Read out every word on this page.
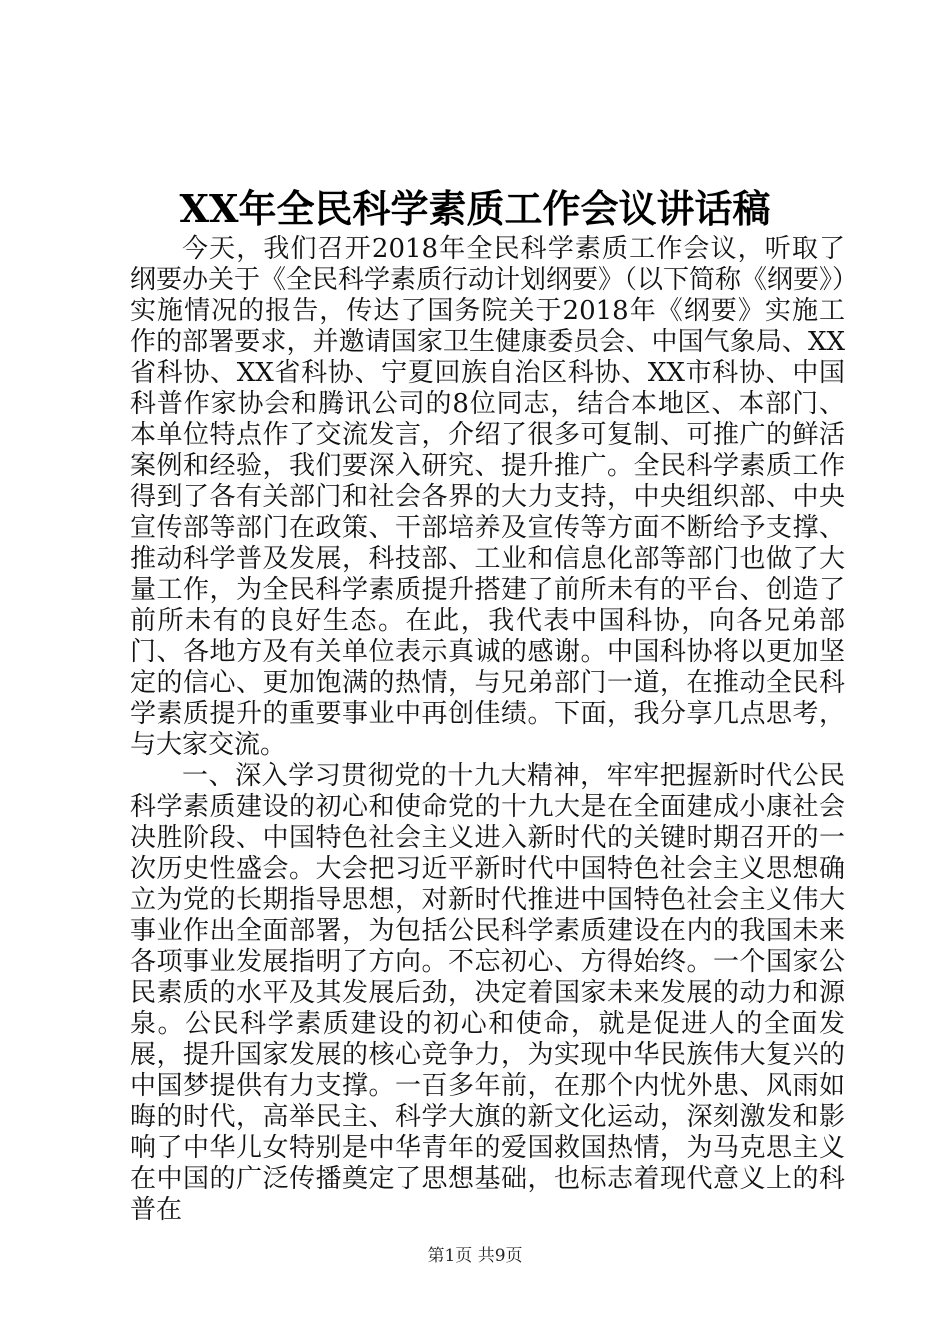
XX年全民科学素质工作会议讲话稿

今天，我们召开2018年全民科学素质工作会议，听取了纲要办关于《全民科学素质行动计划纲要》（以下简称《纲要》）实施情况的报告，传达了国务院关于2018年《纲要》实施工作的部署要求，并邀请国家卫生健康委员会、中国气象局、XX省科协、XX省科协、宁夏回族自治区科协、XX市科协、中国科普作家协会和腾讯公司的8位同志，结合本地区、本部门、本单位特点作了交流发言，介绍了很多可复制、可推广的鲜活案例和经验，我们要深入研究、提升推广。全民科学素质工作得到了各有关部门和社会各界的大力支持，中央组织部、中央宣传部等部门在政策、干部培养及宣传等方面不断给予支撑、推动科学普及发展，科技部、工业和信息化部等部门也做了大量工作，为全民科学素质提升搭建了前所未有的平台、创造了前所未有的良好生态。在此，我代表中国科协，向各兄弟部门、各地方及有关单位表示真诚的感谢。中国科协将以更加坚定的信心、更加饱满的热情，与兄弟部门一道，在推动全民科学素质提升的重要事业中再创佳绩。下面，我分享几点思考，与大家交流。

一、深入学习贯彻党的十九大精神，牢牢把握新时代公民科学素质建设的初心和使命党的十九大是在全面建成小康社会决胜阶段、中国特色社会主义进入新时代的关键时期召开的一次历史性盛会。大会把习近平新时代中国特色社会主义思想确立为党的长期指导思想，对新时代推进中国特色社会主义伟大事业作出全面部署，为包括公民科学素质建设在内的我国未来各项事业发展指明了方向。不忘初心、方得始终。一个国家公民素质的水平及其发展后劲，决定着国家未来发展的动力和源泉。公民科学素质建设的初心和使命，就是促进人的全面发展，提升国家发展的核心竞争力，为实现中华民族伟大复兴的中国梦提供有力支撑。一百多年前，在那个内忧外患、风雨如晦的时代，高举民主、科学大旗的新文化运动，深刻激发和影响了中华儿女特别是中华青年的爱国救国热情，为马克思主义在中国的广泛传播奠定了思想基础，也标志着现代意义上的科普在

第1页 共9页
